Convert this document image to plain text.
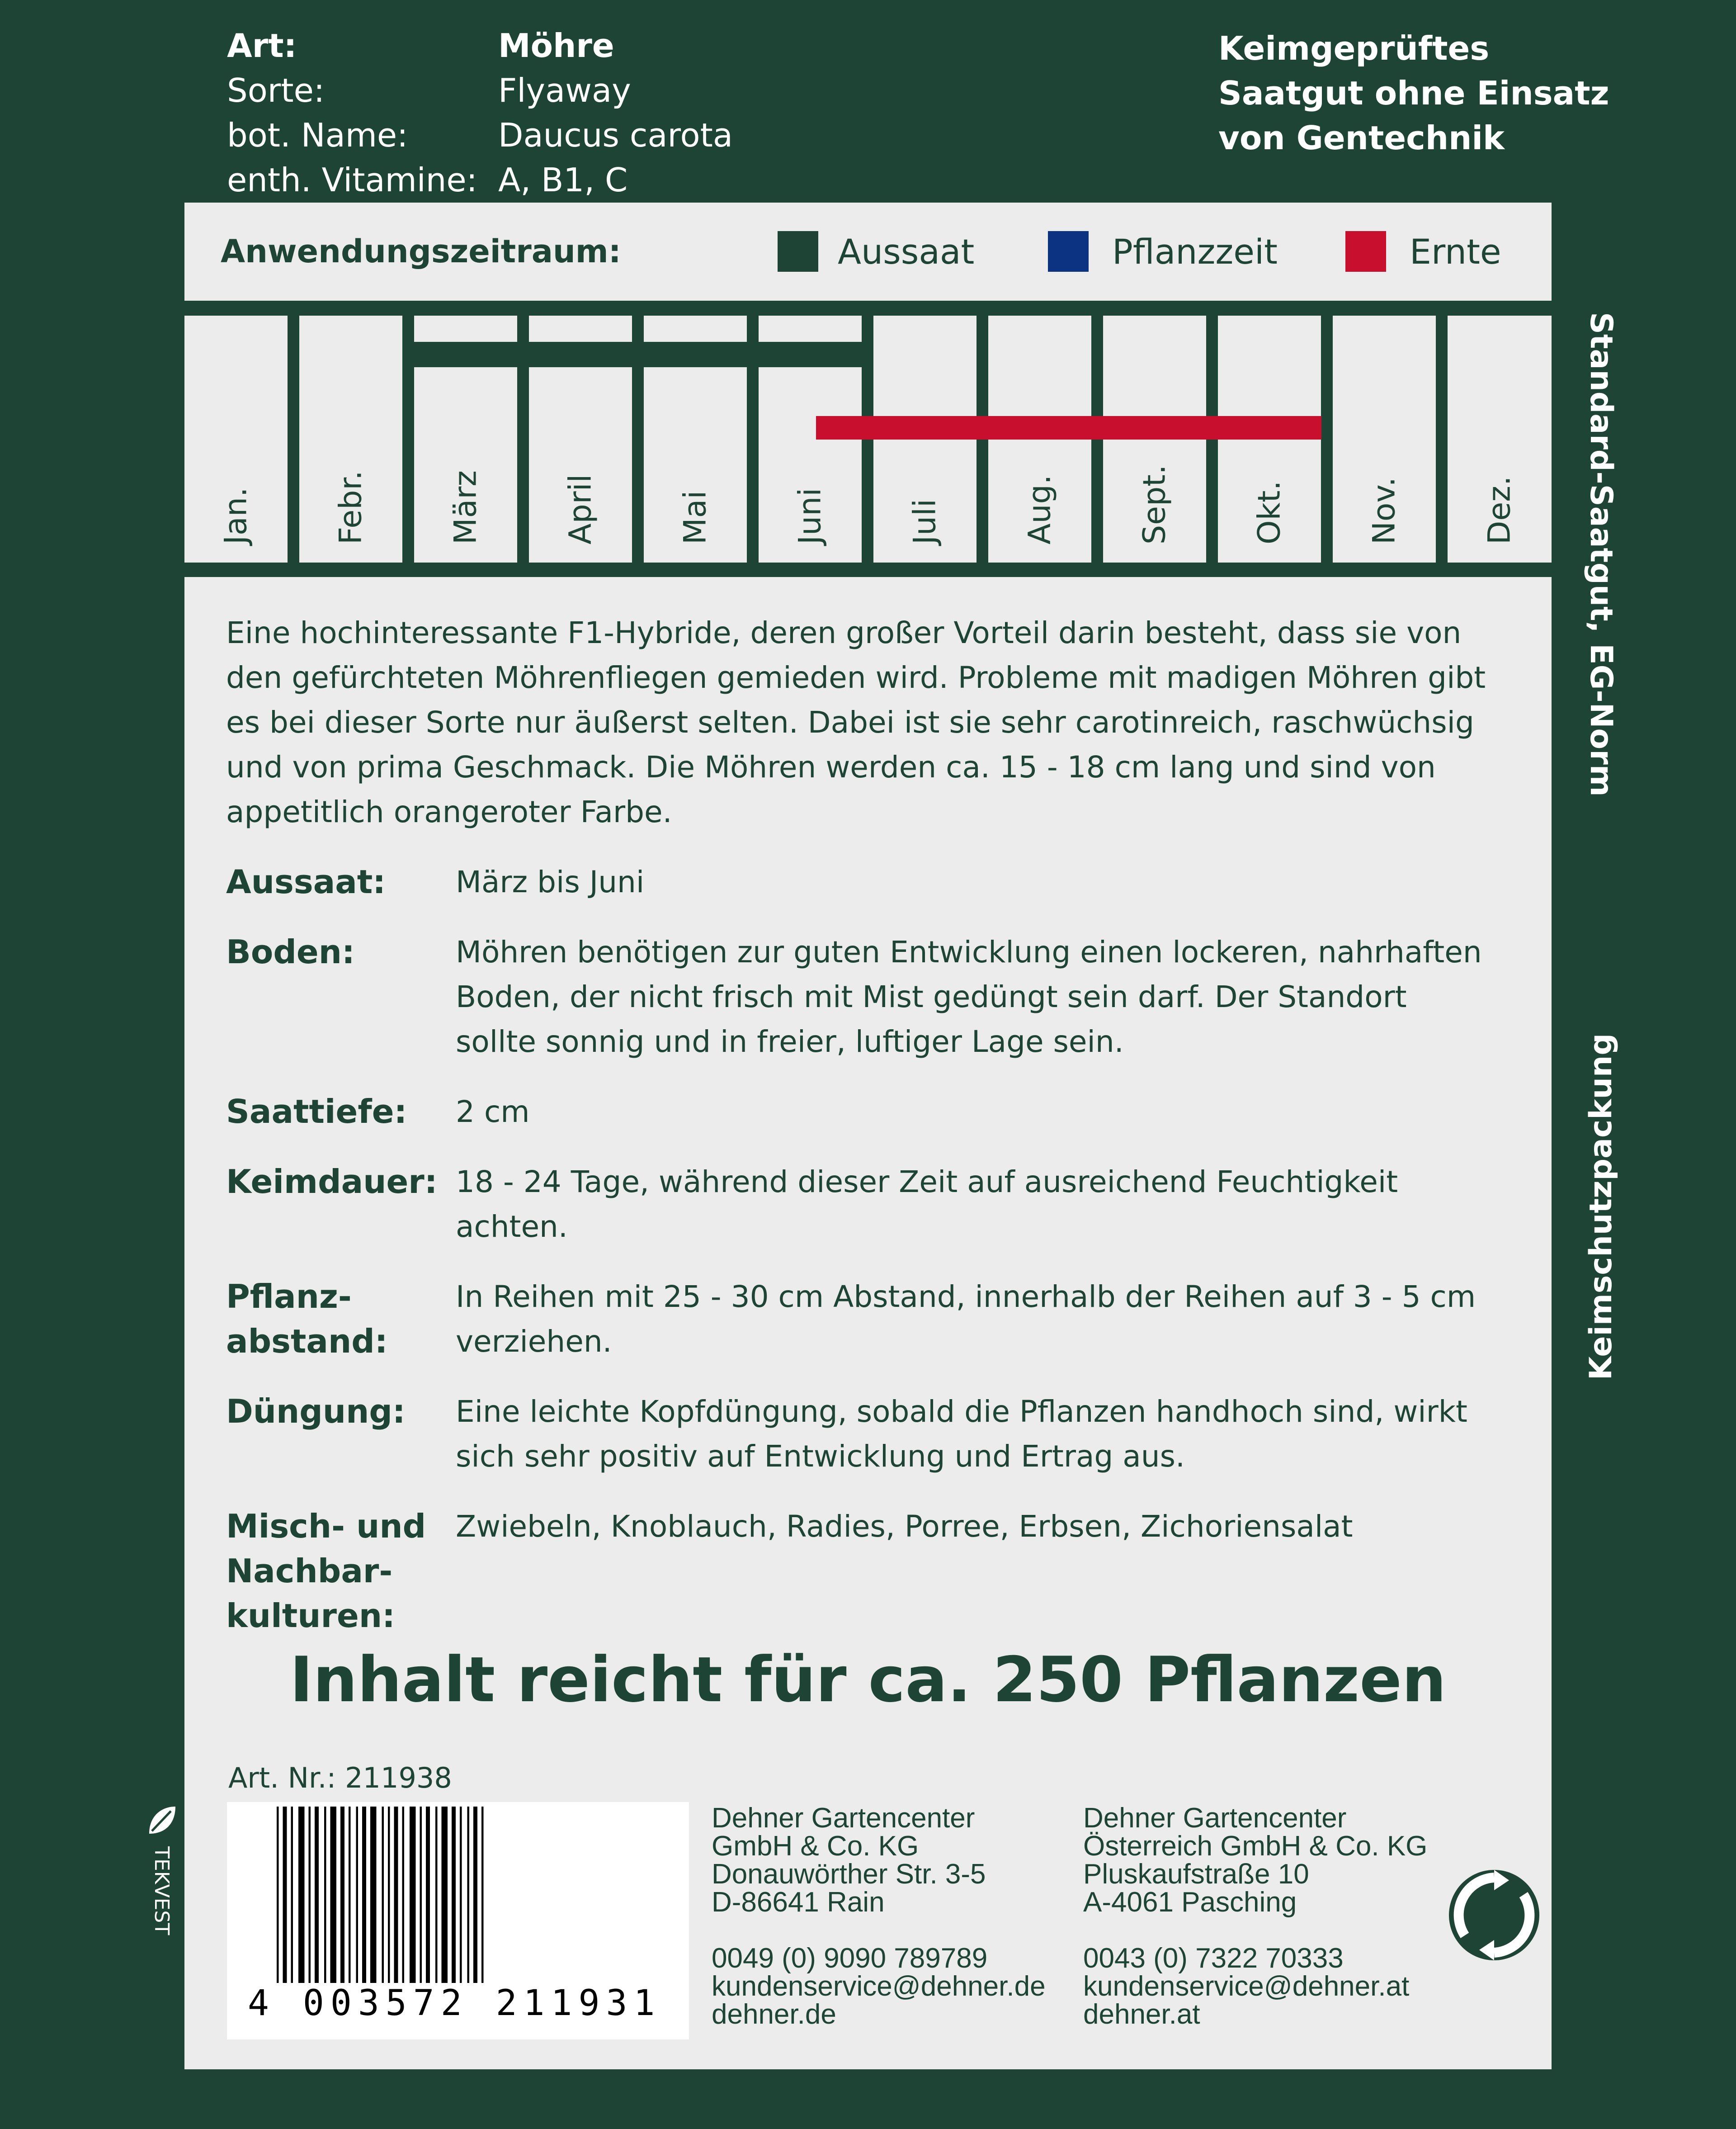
Art:	Möhre
Sorte:	Flyaway
bot. Name:	Daucus carota
enth. Vitamine: A, B1, C
Keimgeprüftes
Saatgut ohne Einsatz
von Gentechnik
Anwendungszeitraum:	Aussaat	Pflanzzeit	Ernte
Jan.	Febr.	März	April	Mai	Juni	Juli	Aug.	Sept.	Okt.	Nov.	Dez.
Eine hochinteressante F1-Hybride, deren großer Vorteil darin besteht, dass sie von den gefürchteten Möhrenfliegen gemieden wird. Probleme mit madigen Möhren gibt es bei dieser Sorte nur äußerst selten. Dabei ist sie sehr carotinreich, raschwüchsig und von prima Geschmack. Die Möhren werden ca. 15 - 18 cm lang und sind von appetitlich orangeroter Farbe.
Aussaat:	März bis Juni
Boden:	Möhren benötigen zur guten Entwicklung einen lockeren, nahrhaften Boden, der nicht frisch mit Mist gedüngt sein darf. Der Standort sollte sonnig und in freier, luftiger Lage sein.
Saattiefe:	2 cm
Keimdauer: 18 - 24 Tage, während dieser Zeit auf ausreichend Feuchtigkeit achten.
Pflanz-
abstand:
In Reihen mit 25 - 30 cm Abstand, innerhalb der Reihen auf 3 - 5 cm verziehen.
Düngung:	Eine leichte Kopfdüngung, sobald die Pflanzen handhoch sind, wirkt sich sehr positiv auf Entwicklung und Ertrag aus.
Misch- und
Nachbar-
kulturen:
Zwiebeln, Knoblauch, Radies, Porree, Erbsen, Zichoriensalat
Inhalt reicht für ca. 250 Pflanzen
Art. Nr.: 211938
4 003572 211931
Dehner Gartencenter
GmbH & Co. KG
Donauwörther Str. 3-5
D-86641 Rain
0049 (0) 9090 789789
kundenservice@dehner.de
dehner.de
Dehner Gartencenter
Österreich GmbH & Co. KG
Pluskaufstraße 10
A-4061 Pasching
0043 (0) 7322 70333
kundenservice@dehner.at
dehner.at
Standard-Saatgut, EG-Norm
Keimschutzpackung
TEKVEST
